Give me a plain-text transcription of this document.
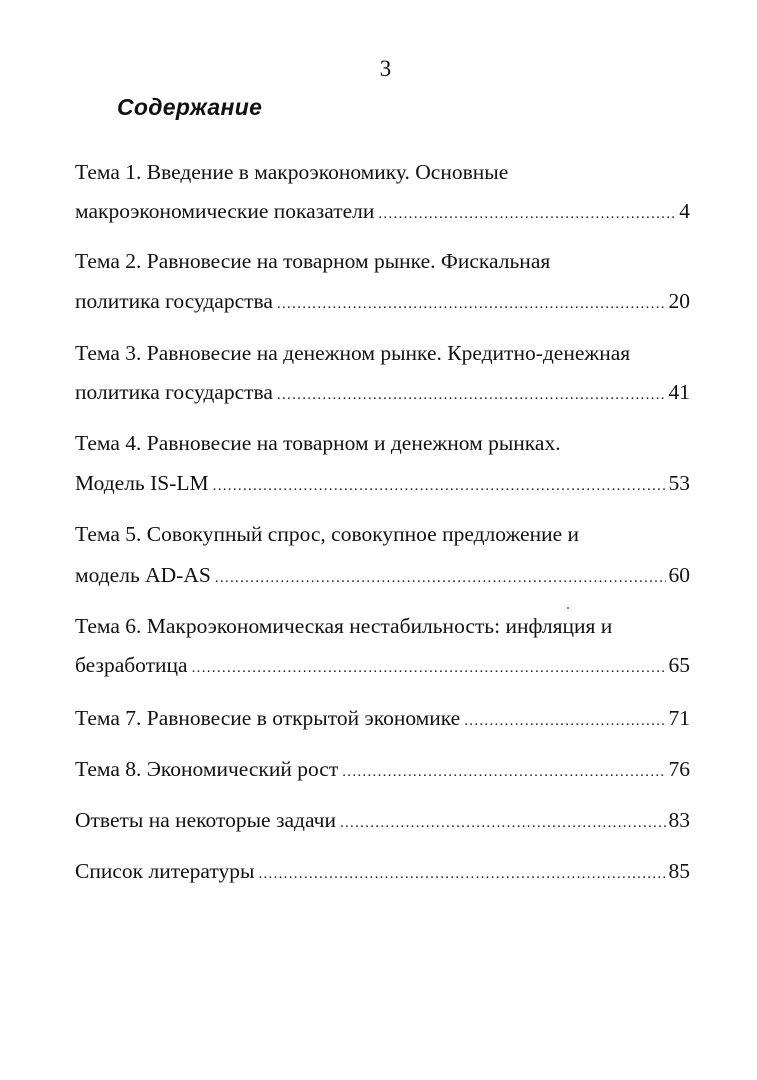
3
Содержание
Тема 1. Введение в макроэкономику. Основные
макроэкономические показатели .....	4
Тема 2. Равновесие на товарном рынке. Фискальная
политика государства .....	20
Тема 3. Равновесие на денежном рынке. Кредитно-денежная
политика государства .....	41
Тема 4. Равновесие на товарном и денежном рынках.
Модель IS-LM .....	53
Тема 5. Совокупный спрос, совокупное предложение и
модель AD-AS .....	60
Тема 6. Макроэкономическая нестабильность: инфляция и
безработица .....	65
Тема 7. Равновесие в открытой экономике .....	71
Тема 8. Экономический рост .....	76
Ответы на некоторые задачи .....	83
Список литературы .....	85
